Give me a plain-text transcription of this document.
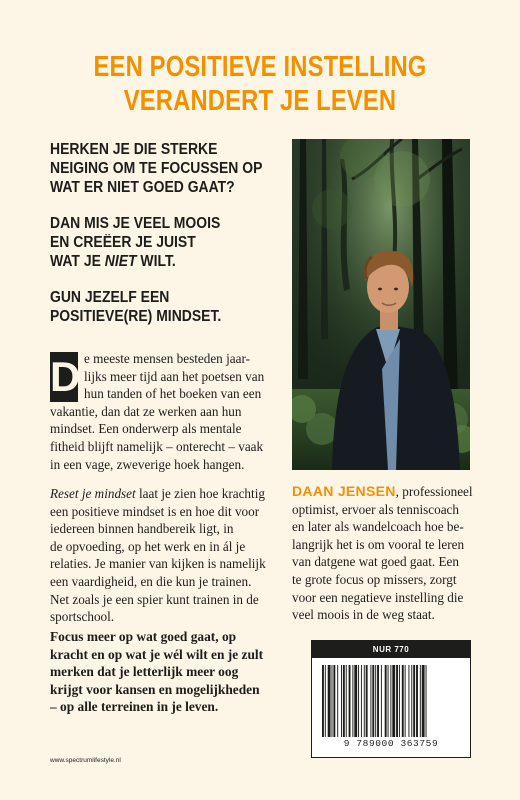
EEN POSITIEVE INSTELLING
VERANDERT JE LEVEN

HERKEN JE DIE STERKE
NEIGING OM TE FOCUSSEN OP
WAT ER NIET GOED GAAT?

DAN MIS JE VEEL MOOIS
EN CREËER JE JUIST
WAT JE NIET WILT.

GUN JEZELF EEN
POSITIEVE(RE) MINDSET.

D e meeste mensen besteden jaar-
lijks meer tijd aan het poetsen van
hun tanden of het boeken van een
vakantie, dan dat ze werken aan hun
mindset. Een onderwerp als mentale
fitheid blijft namelijk – onterecht – vaak
in een vage, zweverige hoek hangen.
Reset je mindset laat je zien hoe krachtig
een positieve mindset is en hoe dit voor
iedereen binnen handbereik ligt, in
de opvoeding, op het werk en in ál je
relaties. Je manier van kijken is namelijk
een vaardigheid, en die kun je trainen.
Net zoals je een spier kunt trainen in de
sportschool.
Focus meer op wat goed gaat, op
kracht en op wat je wél wilt en je zult
merken dat je letterlijk meer oog
krijgt voor kansen en mogelijkheden
– op alle terreinen in je leven.
DAAN JENSEN, professioneel
optimist, ervoer als tenniscoach
en later als wandelcoach hoe be-
langrijk het is om vooral te leren
van datgene wat goed gaat. Een
te grote focus op missers, zorgt
voor een negatieve instelling die
veel moois in de weg staat.
NUR 770
9 789000 363759
www.spectrumlifestyle.nl
